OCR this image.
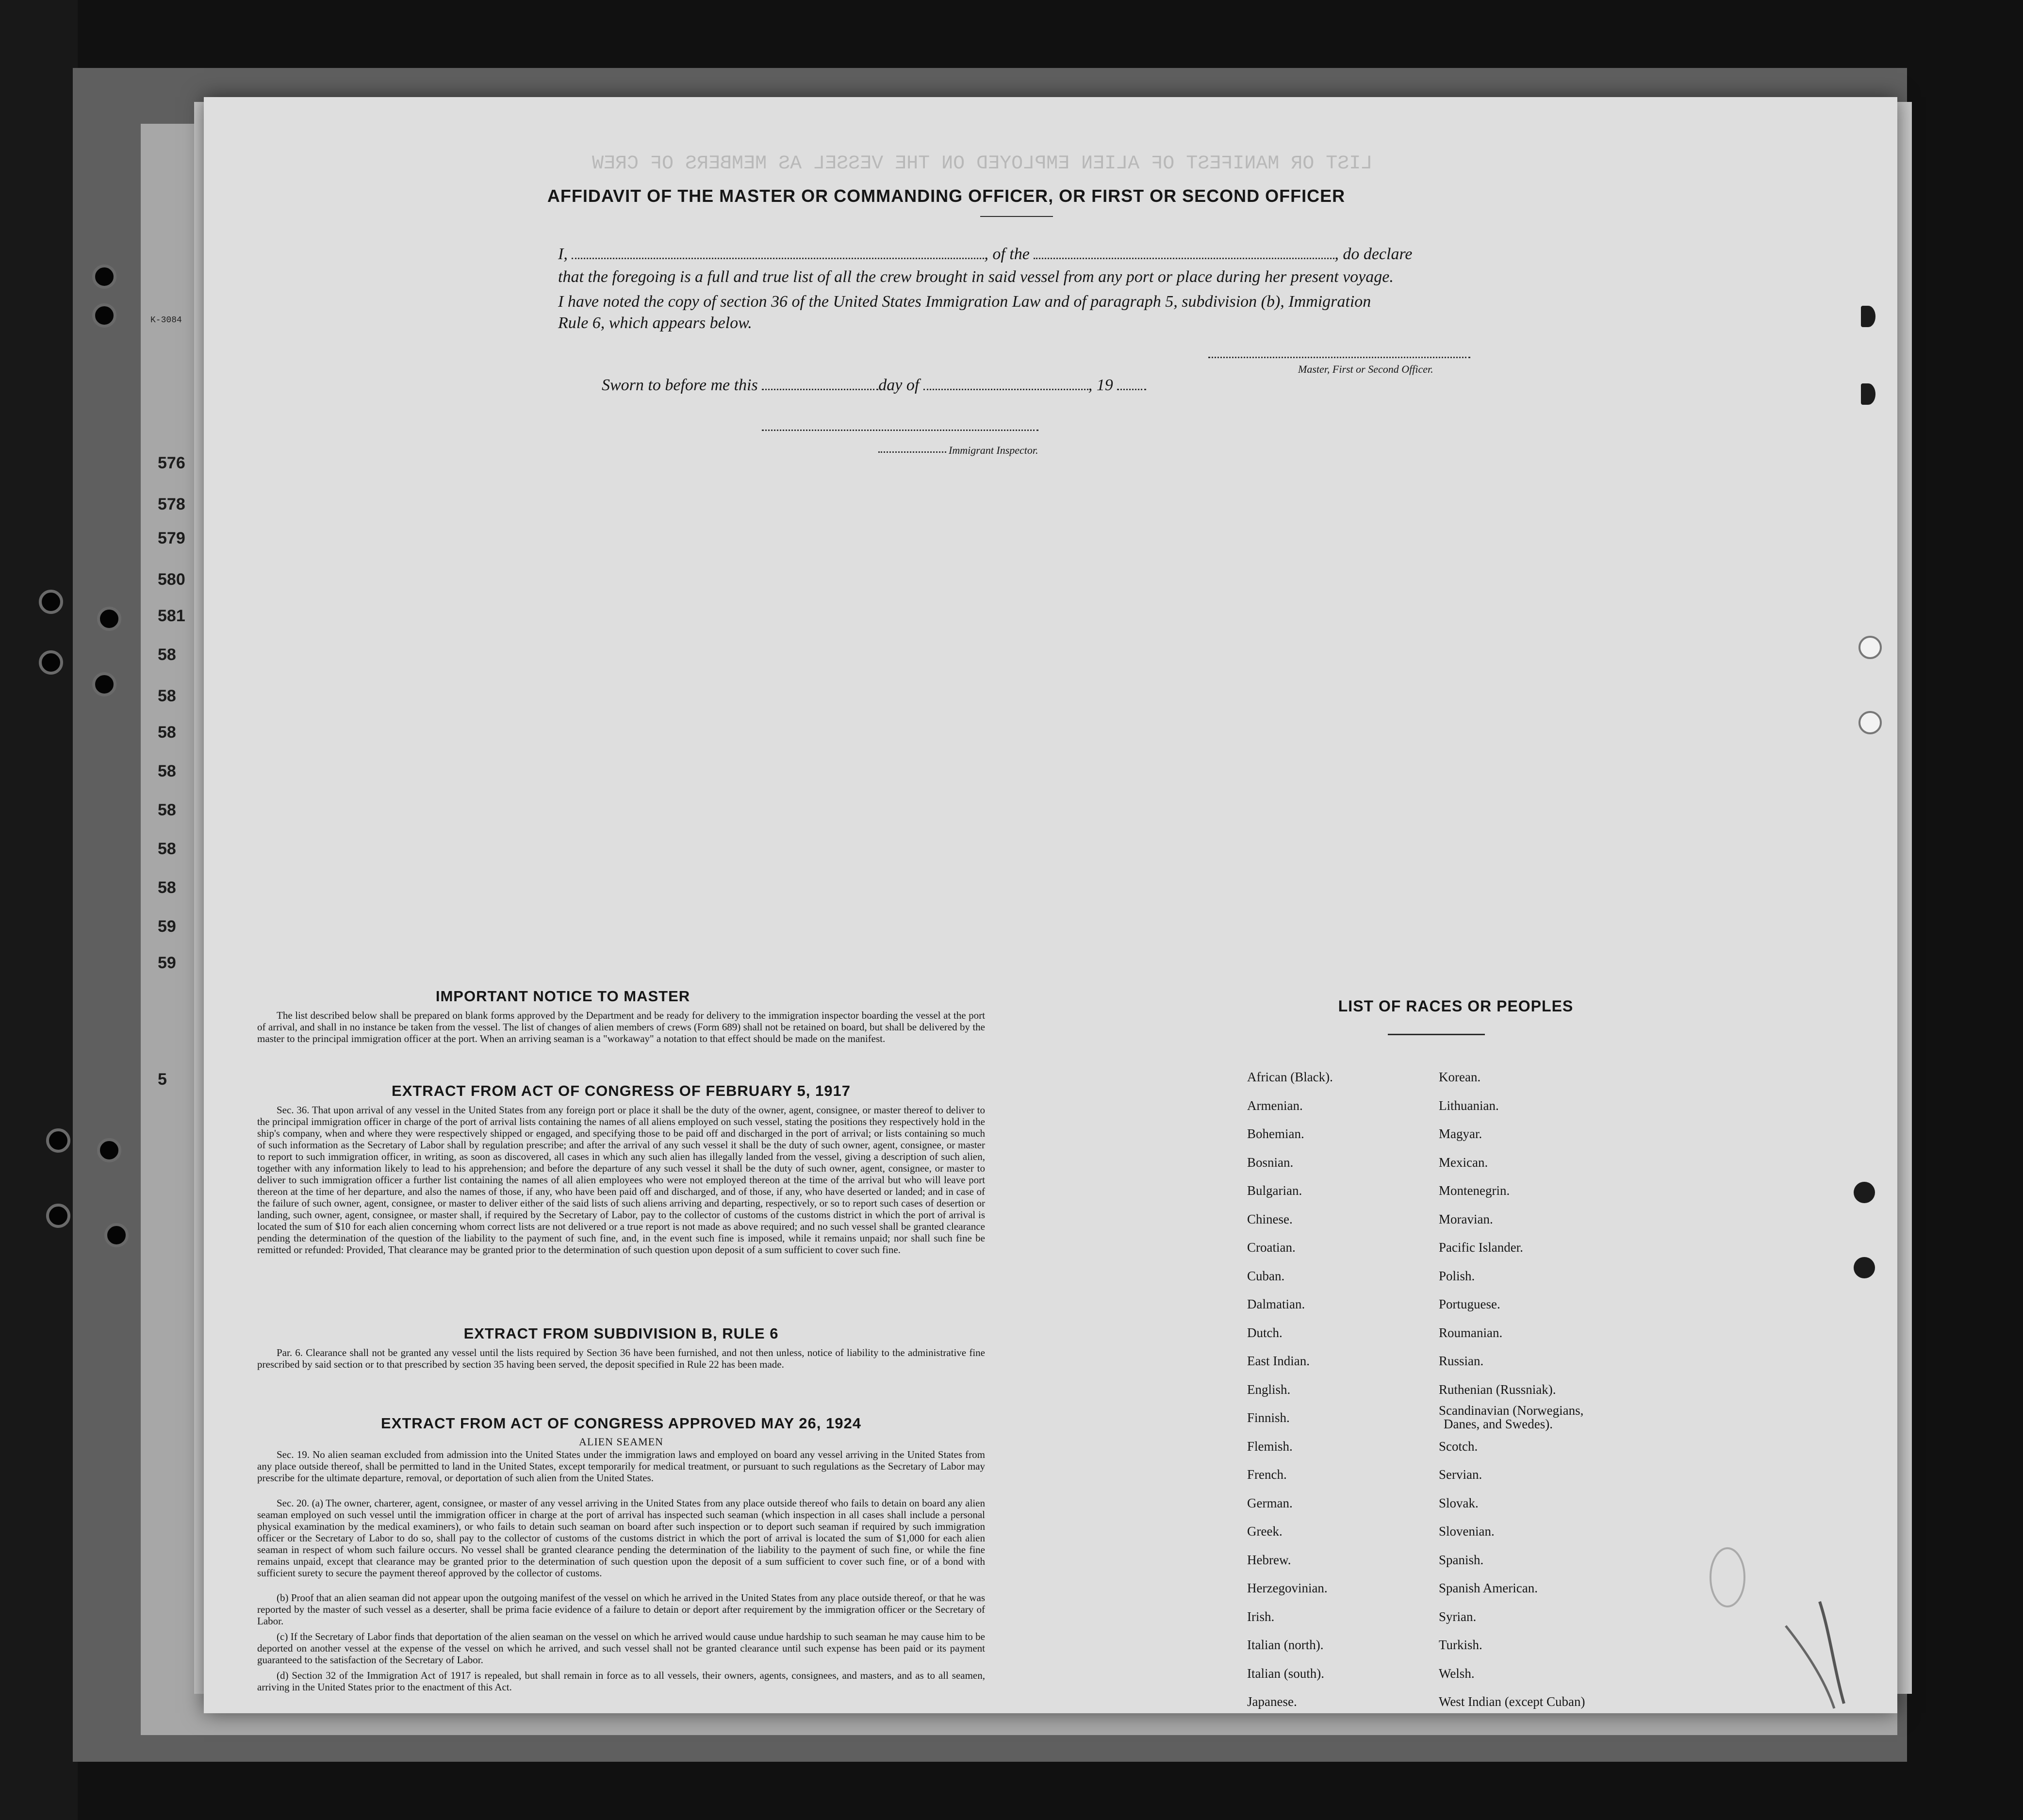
K-3084
576
578
579
580
581
58
58
58
58
58
58
58
59
59
5
LIST OR MANIFEST OF ALIEN EMPLOYED ON THE VESSEL AS MEMBERS OF CREW
AFFIDAVIT OF THE MASTER OR COMMANDING OFFICER, OR FIRST OR SECOND OFFICER
I,	, of the	, do declare
that the foregoing is a full and true list of all the crew brought in said vessel from any port or place during her present voyage.
I have noted the copy of section 36 of the United States Immigration Law and of paragraph 5, subdivision (b), Immigration
Rule 6, which appears below.
Master, First or Second Officer.
Sworn to before me this	day of	, 19
Immigrant Inspector.
IMPORTANT NOTICE TO MASTER
The list described below shall be prepared on blank forms approved by the Department and be ready for delivery to the immigration inspector boarding the vessel at the port of arrival, and shall in no instance be taken from the vessel. The list of changes of alien members of crews (Form 689) shall not be retained on board, but shall be delivered by the master to the principal immigration officer at the port. When an arriving seaman is a "workaway" a notation to that effect should be made on the manifest.
EXTRACT FROM ACT OF CONGRESS OF FEBRUARY 5, 1917
Sec. 36. That upon arrival of any vessel in the United States from any foreign port or place it shall be the duty of the owner, agent, consignee, or master thereof to deliver to the principal immigration officer in charge of the port of arrival lists containing the names of all aliens employed on such vessel, stating the positions they respectively hold in the ship's company, when and where they were respectively shipped or engaged, and specifying those to be paid off and discharged in the port of arrival; or lists containing so much of such information as the Secretary of Labor shall by regulation prescribe; and after the arrival of any such vessel it shall be the duty of such owner, agent, consignee, or master to report to such immigration officer, in writing, as soon as discovered, all cases in which any such alien has illegally landed from the vessel, giving a description of such alien, together with any information likely to lead to his apprehension; and before the departure of any such vessel it shall be the duty of such owner, agent, consignee, or master to deliver to such immigration officer a further list containing the names of all alien employees who were not employed thereon at the time of the arrival but who will leave port thereon at the time of her departure, and also the names of those, if any, who have been paid off and discharged, and of those, if any, who have deserted or landed; and in case of the failure of such owner, agent, consignee, or master to deliver either of the said lists of such aliens arriving and departing, respectively, or so to report such cases of desertion or landing, such owner, agent, consignee, or master shall, if required by the Secretary of Labor, pay to the collector of customs of the customs district in which the port of arrival is located the sum of $10 for each alien concerning whom correct lists are not delivered or a true report is not made as above required; and no such vessel shall be granted clearance pending the determination of the question of the liability to the payment of such fine, and, in the event such fine is imposed, while it remains unpaid; nor shall such fine be remitted or refunded: Provided, That clearance may be granted prior to the determination of such question upon deposit of a sum sufficient to cover such fine.
EXTRACT FROM SUBDIVISION B, RULE 6
Par. 6. Clearance shall not be granted any vessel until the lists required by Section 36 have been furnished, and not then unless, notice of liability to the administrative fine prescribed by said section or to that prescribed by section 35 having been served, the deposit specified in Rule 22 has been made.
EXTRACT FROM ACT OF CONGRESS APPROVED MAY 26, 1924
ALIEN SEAMEN
Sec. 19. No alien seaman excluded from admission into the United States under the immigration laws and employed on board any vessel arriving in the United States from any place outside thereof, shall be permitted to land in the United States, except temporarily for medical treatment, or pursuant to such regulations as the Secretary of Labor may prescribe for the ultimate departure, removal, or deportation of such alien from the United States.
Sec. 20. (a) The owner, charterer, agent, consignee, or master of any vessel arriving in the United States from any place outside thereof who fails to detain on board any alien seaman employed on such vessel until the immigration officer in charge at the port of arrival has inspected such seaman (which inspection in all cases shall include a personal physical examination by the medical examiners), or who fails to detain such seaman on board after such inspection or to deport such seaman if required by such immigration officer or the Secretary of Labor to do so, shall pay to the collector of customs of the customs district in which the port of arrival is located the sum of $1,000 for each alien seaman in respect of whom such failure occurs. No vessel shall be granted clearance pending the determination of the liability to the payment of such fine, or while the fine remains unpaid, except that clearance may be granted prior to the determination of such question upon the deposit of a sum sufficient to cover such fine, or of a bond with sufficient surety to secure the payment thereof approved by the collector of customs.
(b) Proof that an alien seaman did not appear upon the outgoing manifest of the vessel on which he arrived in the United States from any place outside thereof, or that he was reported by the master of such vessel as a deserter, shall be prima facie evidence of a failure to detain or deport after requirement by the immigration officer or the Secretary of Labor.
(c) If the Secretary of Labor finds that deportation of the alien seaman on the vessel on which he arrived would cause undue hardship to such seaman he may cause him to be deported on another vessel at the expense of the vessel on which he arrived, and such vessel shall not be granted clearance until such expense has been paid or its payment guaranteed to the satisfaction of the Secretary of Labor.
(d) Section 32 of the Immigration Act of 1917 is repealed, but shall remain in force as to all vessels, their owners, agents, consignees, and masters, and as to all seamen, arriving in the United States prior to the enactment of this Act.
LIST OF RACES OR PEOPLES
African (Black).
Armenian.
Bohemian.
Bosnian.
Bulgarian.
Chinese.
Croatian.
Cuban.
Dalmatian.
Dutch.
East Indian.
English.
Finnish.
Flemish.
French.
German.
Greek.
Hebrew.
Herzegovinian.
Irish.
Italian (north).
Italian (south).
Japanese.
Korean.
Lithuanian.
Magyar.
Mexican.
Montenegrin.
Moravian.
Pacific Islander.
Polish.
Portuguese.
Roumanian.
Russian.
Ruthenian (Russniak).
Scandinavian (Norwegians,
Danes, and Swedes).
Scotch.
Servian.
Slovak.
Slovenian.
Spanish.
Spanish American.
Syrian.
Turkish.
Welsh.
West Indian (except Cuban)
